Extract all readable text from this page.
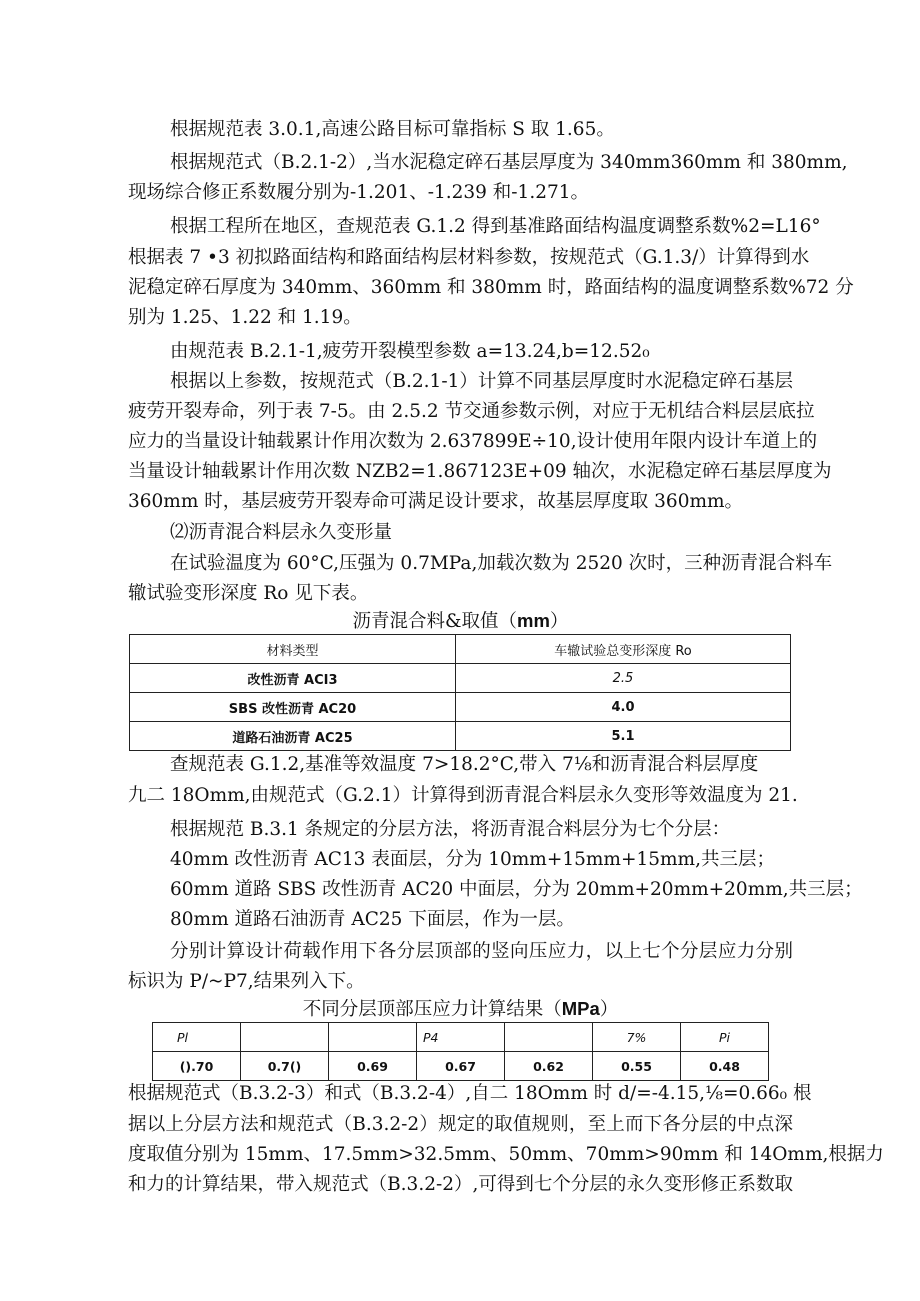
根据规范表 3.0.1,高速公路目标可靠指标 S 取 1.65。
根据规范式（B.2.1-2）,当水泥稳定碎石基层厚度为 340mm360mm 和 380mm,
现场综合修正系数履分别为-1.201、-1.239 和-1.271。
根据工程所在地区，查规范表 G.1.2 得到基准路面结构温度调整系数%2=L16°
根据表 7 •3 初拟路面结构和路面结构层材料参数，按规范式（G.1.3/）计算得到水
泥稳定碎石厚度为 340mm、360mm 和 380mm 时，路面结构的温度调整系数%72 分
别为 1.25、1.22 和 1.19。
由规范表 B.2.1-1,疲劳开裂模型参数 a=13.24,b=12.52₀
根据以上参数，按规范式（B.2.1-1）计算不同基层厚度时水泥稳定碎石基层
疲劳开裂寿命，列于表 7-5。由 2.5.2 节交通参数示例，对应于无机结合料层层底拉
应力的当量设计轴载累计作用次数为 2.637899E÷10,设计使用年限内设计车道上的
当量设计轴载累计作用次数 NZB2=1.867123E+09 轴次，水泥稳定碎石基层厚度为
360mm 时，基层疲劳开裂寿命可满足设计要求，故基层厚度取 360mm。
⑵沥青混合料层永久变形量
在试验温度为 60°C,压强为 0.7MPa,加载次数为 2520 次时，三种沥青混合料车
辙试验变形深度 Ro 见下表。
沥青混合料&取值（mm）
材料类型	车辙试验总变形深度 Ro
改性沥青 ACI3	2.5
SBS 改性沥青 AC20	4.0
道路石油沥青 AC25	5.1
查规范表 G.1.2,基准等效温度 7>18.2°C,带入 7⅛和沥青混合料层厚度
九二 18Omm,由规范式（G.2.1）计算得到沥青混合料层永久变形等效温度为 21.
根据规范 B.3.1 条规定的分层方法，将沥青混合料层分为七个分层：
40mm 改性沥青 AC13 表面层，分为 10mm+15mm+15mm,共三层；
60mm 道路 SBS 改性沥青 AC20 中面层，分为 20mm+20mm+20mm,共三层；
80mm 道路石油沥青 AC25 下面层，作为一层。
分别计算设计荷载作用下各分层顶部的竖向压应力，以上七个分层应力分别
标识为 P∕~P7,结果列入下。
不同分层顶部压应力计算结果（MPa）
Pl			P4		7%	Pi
().70	0.7()	0.69	0.67	0.62	0.55	0.48
根据规范式（B.3.2-3）和式（B.3.2-4）,自二 18Omm 时 d∕=-4.15,⅛=0.66₀ 根
据以上分层方法和规范式（B.3.2-2）规定的取值规则，至上而下各分层的中点深
度取值分别为 15mm、17.5mm>32.5mm、50mm、70mm>90mm 和 14Omm,根据力
和力的计算结果，带入规范式（B.3.2-2）,可得到七个分层的永久变形修正系数取
